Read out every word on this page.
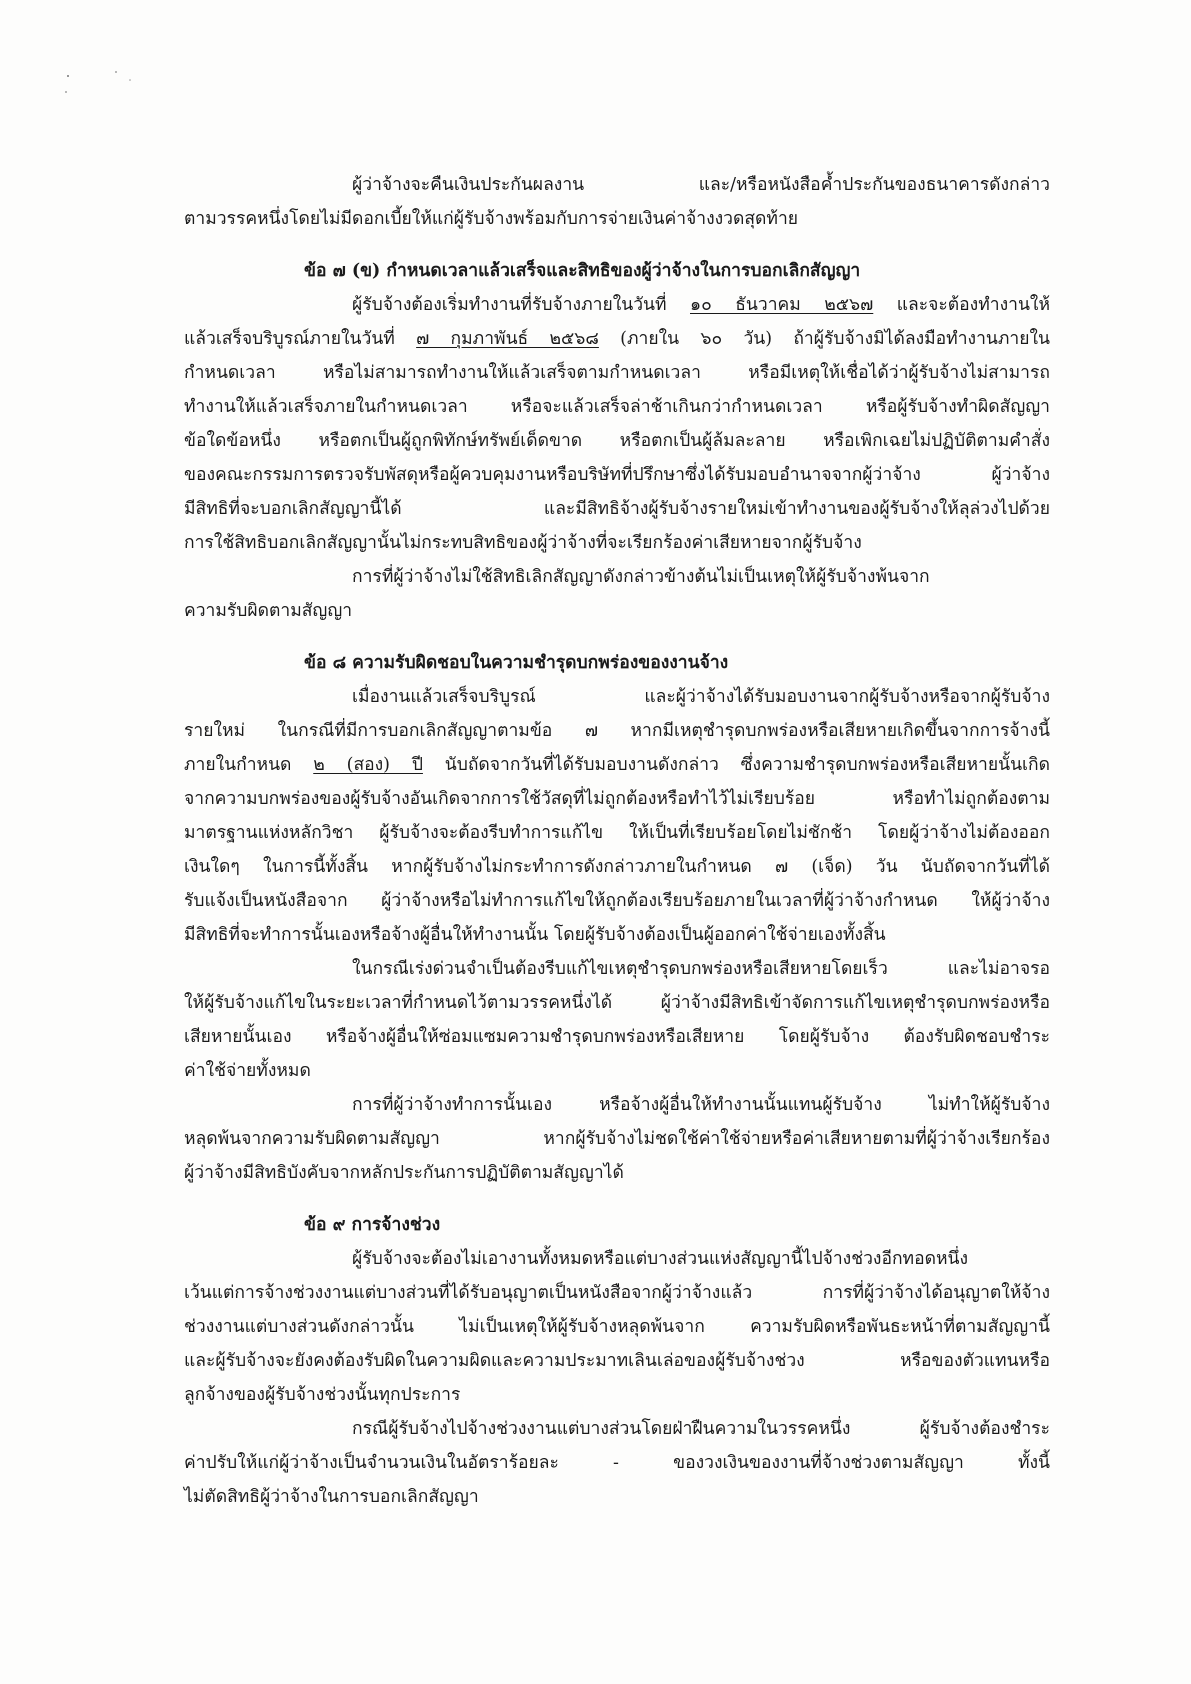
ผู้ว่าจ้างจะคืนเงินประกันผลงาน และ/หรือหนังสือค้ำประกันของธนาคารดังกล่าว
ตามวรรคหนึ่งโดยไม่มีดอกเบี้ยให้แก่ผู้รับจ้างพร้อมกับการจ่ายเงินค่าจ้างงวดสุดท้าย
ข้อ ๗ (ข) กำหนดเวลาแล้วเสร็จและสิทธิของผู้ว่าจ้างในการบอกเลิกสัญญา
ผู้รับจ้างต้องเริ่มทำงานที่รับจ้างภายในวันที่ ๑๐ ธันวาคม ๒๕๖๗ และจะต้องทำงานให้
แล้วเสร็จบริบูรณ์ภายในวันที่ ๗ กุมภาพันธ์ ๒๕๖๘ (ภายใน ๖๐ วัน) ถ้าผู้รับจ้างมิได้ลงมือทำงานภายใน
กำหนดเวลา หรือไม่สามารถทำงานให้แล้วเสร็จตามกำหนดเวลา หรือมีเหตุให้เชื่อได้ว่าผู้รับจ้างไม่สามารถ
ทำงานให้แล้วเสร็จภายในกำหนดเวลา หรือจะแล้วเสร็จล่าช้าเกินกว่ากำหนดเวลา หรือผู้รับจ้างทำผิดสัญญา
ข้อใดข้อหนึ่ง หรือตกเป็นผู้ถูกพิทักษ์ทรัพย์เด็ดขาด หรือตกเป็นผู้ล้มละลาย หรือเพิกเฉยไม่ปฏิบัติตามคำสั่ง
ของคณะกรรมการตรวจรับพัสดุหรือผู้ควบคุมงานหรือบริษัทที่ปรึกษาซึ่งได้รับมอบอำนาจจากผู้ว่าจ้าง ผู้ว่าจ้าง
มีสิทธิที่จะบอกเลิกสัญญานี้ได้ และมีสิทธิจ้างผู้รับจ้างรายใหม่เข้าทำงานของผู้รับจ้างให้ลุล่วงไปด้วย
การใช้สิทธิบอกเลิกสัญญานั้นไม่กระทบสิทธิของผู้ว่าจ้างที่จะเรียกร้องค่าเสียหายจากผู้รับจ้าง
การที่ผู้ว่าจ้างไม่ใช้สิทธิเลิกสัญญาดังกล่าวข้างต้นไม่เป็นเหตุให้ผู้รับจ้างพ้นจาก
ความรับผิดตามสัญญา
ข้อ ๘ ความรับผิดชอบในความชำรุดบกพร่องของงานจ้าง
เมื่องานแล้วเสร็จบริบูรณ์ และผู้ว่าจ้างได้รับมอบงานจากผู้รับจ้างหรือจากผู้รับจ้าง
รายใหม่ ในกรณีที่มีการบอกเลิกสัญญาตามข้อ ๗ หากมีเหตุชำรุดบกพร่องหรือเสียหายเกิดขึ้นจากการจ้างนี้
ภายในกำหนด ๒ (สอง) ปี นับถัดจากวันที่ได้รับมอบงานดังกล่าว ซึ่งความชำรุดบกพร่องหรือเสียหายนั้นเกิด
จากความบกพร่องของผู้รับจ้างอันเกิดจากการใช้วัสดุที่ไม่ถูกต้องหรือทำไว้ไม่เรียบร้อย หรือทำไม่ถูกต้องตาม
มาตรฐานแห่งหลักวิชา ผู้รับจ้างจะต้องรีบทำการแก้ไข ให้เป็นที่เรียบร้อยโดยไม่ชักช้า โดยผู้ว่าจ้างไม่ต้องออก
เงินใดๆ ในการนี้ทั้งสิ้น หากผู้รับจ้างไม่กระทำการดังกล่าวภายในกำหนด ๗ (เจ็ด) วัน นับถัดจากวันที่ได้
รับแจ้งเป็นหนังสือจาก ผู้ว่าจ้างหรือไม่ทำการแก้ไขให้ถูกต้องเรียบร้อยภายในเวลาที่ผู้ว่าจ้างกำหนด ให้ผู้ว่าจ้าง
มีสิทธิที่จะทำการนั้นเองหรือจ้างผู้อื่นให้ทำงานนั้น โดยผู้รับจ้างต้องเป็นผู้ออกค่าใช้จ่ายเองทั้งสิ้น
ในกรณีเร่งด่วนจำเป็นต้องรีบแก้ไขเหตุชำรุดบกพร่องหรือเสียหายโดยเร็ว และไม่อาจรอ
ให้ผู้รับจ้างแก้ไขในระยะเวลาที่กำหนดไว้ตามวรรคหนึ่งได้ ผู้ว่าจ้างมีสิทธิเข้าจัดการแก้ไขเหตุชำรุดบกพร่องหรือ
เสียหายนั้นเอง หรือจ้างผู้อื่นให้ซ่อมแซมความชำรุดบกพร่องหรือเสียหาย โดยผู้รับจ้าง ต้องรับผิดชอบชำระ
ค่าใช้จ่ายทั้งหมด
การที่ผู้ว่าจ้างทำการนั้นเอง หรือจ้างผู้อื่นให้ทำงานนั้นแทนผู้รับจ้าง ไม่ทำให้ผู้รับจ้าง
หลุดพ้นจากความรับผิดตามสัญญา หากผู้รับจ้างไม่ชดใช้ค่าใช้จ่ายหรือค่าเสียหายตามที่ผู้ว่าจ้างเรียกร้อง
ผู้ว่าจ้างมีสิทธิบังคับจากหลักประกันการปฏิบัติตามสัญญาได้
ข้อ ๙ การจ้างช่วง
ผู้รับจ้างจะต้องไม่เอางานทั้งหมดหรือแต่บางส่วนแห่งสัญญานี้ไปจ้างช่วงอีกทอดหนึ่ง
เว้นแต่การจ้างช่วงงานแต่บางส่วนที่ได้รับอนุญาตเป็นหนังสือจากผู้ว่าจ้างแล้ว การที่ผู้ว่าจ้างได้อนุญาตให้จ้าง
ช่วงงานแต่บางส่วนดังกล่าวนั้น ไม่เป็นเหตุให้ผู้รับจ้างหลุดพ้นจาก ความรับผิดหรือพันธะหน้าที่ตามสัญญานี้
และผู้รับจ้างจะยังคงต้องรับผิดในความผิดและความประมาทเลินเล่อของผู้รับจ้างช่วง หรือของตัวแทนหรือ
ลูกจ้างของผู้รับจ้างช่วงนั้นทุกประการ
กรณีผู้รับจ้างไปจ้างช่วงงานแต่บางส่วนโดยฝ่าฝืนความในวรรคหนึ่ง ผู้รับจ้างต้องชำระ
ค่าปรับให้แก่ผู้ว่าจ้างเป็นจำนวนเงินในอัตราร้อยละ - ของวงเงินของงานที่จ้างช่วงตามสัญญา ทั้งนี้
ไม่ตัดสิทธิผู้ว่าจ้างในการบอกเลิกสัญญา
